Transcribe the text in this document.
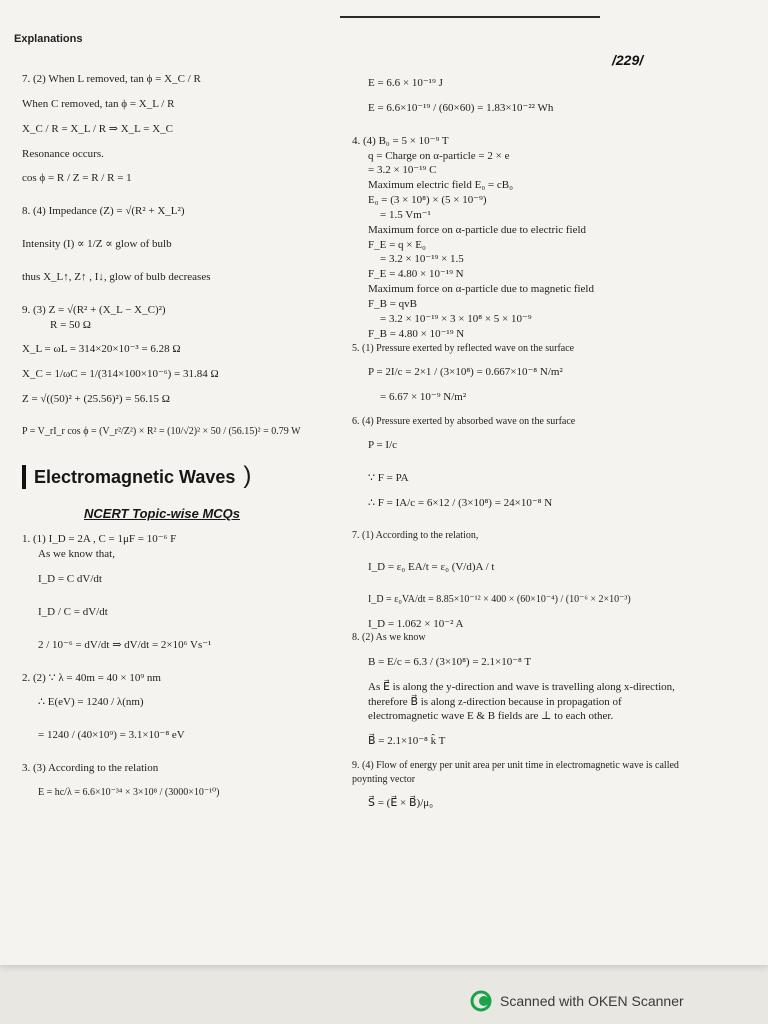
Explanations
/229/

7. (2) When L removed, tan ϕ = X_C / R

When C removed, tan ϕ = X_L / R

X_C / R = X_L / R ⇒ X_L = X_C

Resonance occurs.

cos ϕ = R / Z = R / R = 1

8. (4) Impedance (Z) = √(R² + X_L²)

Intensity (I) ∝ 1/Z ∝ glow of bulb

thus X_L↑, Z↑ , I↓, glow of bulb decreases

9. (3) Z = √(R² + (X_L − X_C)²)

R = 50 Ω

X_L = ωL = 314×20×10⁻³ = 6.28 Ω

X_C = 1/ωC = 1/(314×100×10⁻⁶) = 31.84 Ω

Z = √((50)² + (25.56)²) = 56.15 Ω

P = V_rI_r cos ϕ = (V_r²/Z²) × R² = (10/√2)² × 50 / (56.15)² = 0.79 W

Electromagnetic Waves )
NCERT Topic-wise MCQs

1. (1) I_D = 2A , C = 1μF = 10⁻⁶ F

As we know that,

I_D = C dV/dt

I_D / C = dV/dt

2 / 10⁻⁶ = dV/dt ⇒ dV/dt = 2×10⁶ Vs⁻¹

2. (2) ∵ λ = 40m = 40 × 10⁹ nm

∴ E(eV) = 1240 / λ(nm)

= 1240 / (40×10⁹) = 3.1×10⁻⁸ eV

3. (3) According to the relation

E = hc/λ = 6.6×10⁻³⁴ × 3×10⁸ / (3000×10⁻¹⁰)

E = 6.6 × 10⁻¹⁹ J

E = 6.6×10⁻¹⁹ / (60×60) = 1.83×10⁻²² Wh

4. (4) B₀ = 5 × 10⁻⁹ T

q = Charge on α-particle = 2 × e

= 3.2 × 10⁻¹⁹ C

Maximum electric field E₀ = cB₀

E₀ = (3 × 10⁸) × (5 × 10⁻⁹)

= 1.5 Vm⁻¹

Maximum force on α-particle due to electric field

F_E = q × E₀

= 3.2 × 10⁻¹⁹ × 1.5

F_E = 4.80 × 10⁻¹⁹ N

Maximum force on α-particle due to magnetic field

F_B = qvB

= 3.2 × 10⁻¹⁹ × 3 × 10⁸ × 5 × 10⁻⁹

F_B = 4.80 × 10⁻¹⁹ N

5. (1) Pressure exerted by reflected wave on the surface

P = 2I/c = 2×1 / (3×10⁸) = 0.667×10⁻⁸ N/m²

= 6.67 × 10⁻⁹ N/m²

6. (4) Pressure exerted by absorbed wave on the surface

P = I/c

∵ F = PA

∴ F = IA/c = 6×12 / (3×10⁸) = 24×10⁻⁸ N

7. (1) According to the relation,

I_D = ε₀ EA/t = ε₀ (V/d)A / t

I_D = ε₀VA/dt = 8.85×10⁻¹² × 400 × (60×10⁻⁴) / (10⁻⁶ × 2×10⁻³)

I_D = 1.062 × 10⁻² A

8. (2) As we know

B = E/c = 6.3 / (3×10⁸) = 2.1×10⁻⁸ T

As E⃗ is along the y-direction and wave is travelling along x-direction, therefore B⃗ is along z-direction because in propagation of electromagnetic wave E & B fields are ⊥ to each other.

B⃗ = 2.1×10⁻⁸ k̂ T

9. (4) Flow of energy per unit area per unit time in electromagnetic wave is called poynting vector

S⃗ = (E⃗ × B⃗)/μ₀

Scanned with OKEN Scanner
